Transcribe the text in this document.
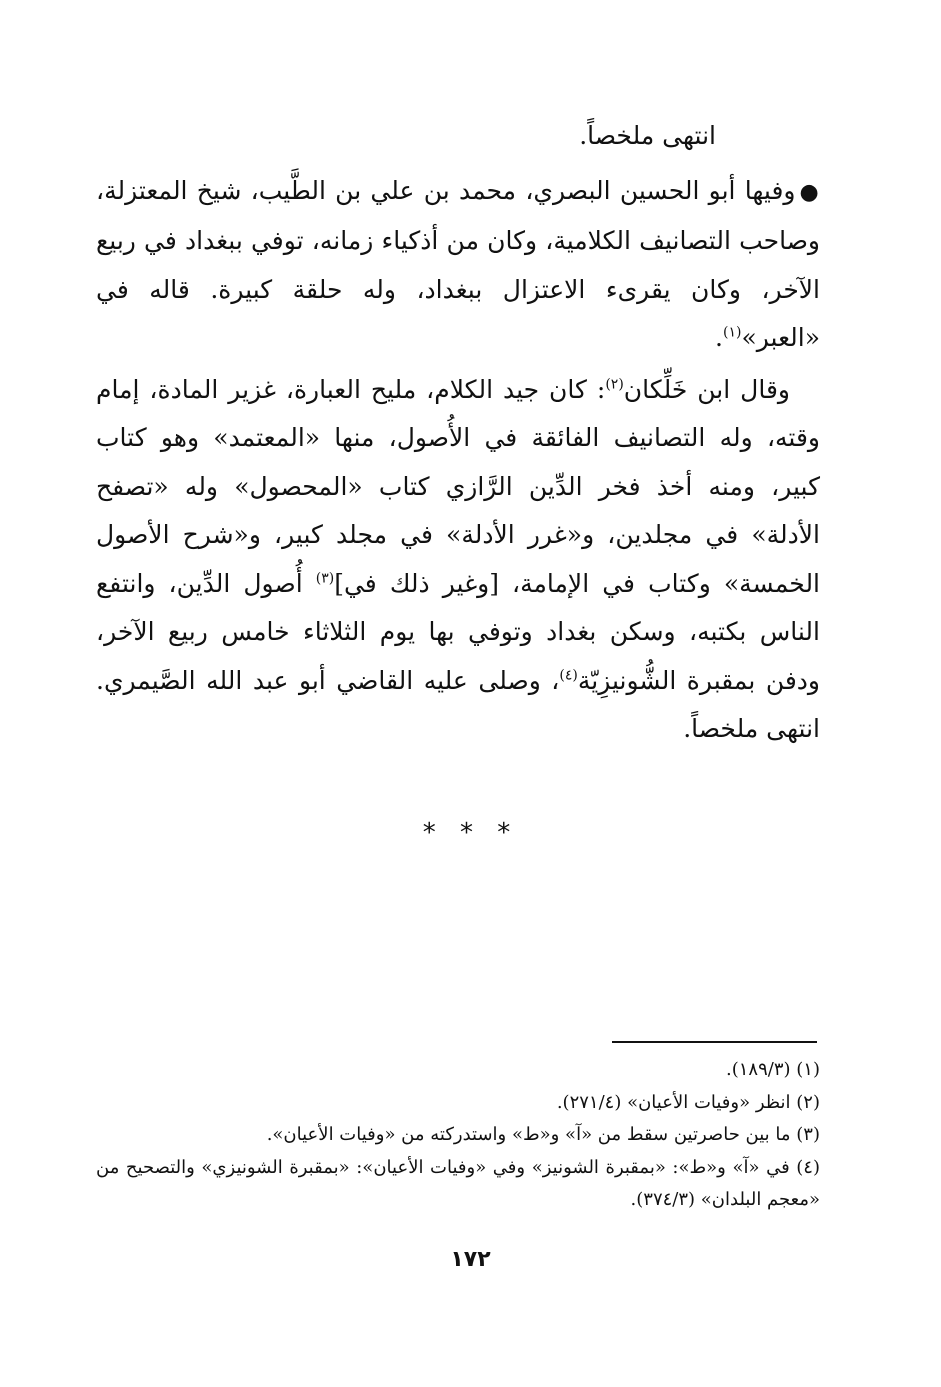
انتهى ملخصاً.

●وفيها أبو الحسين البصري، محمد بن علي بن الطَّيب، شيخ المعتزلة، وصاحب التصانيف الكلامية، وكان من أذكياء زمانه، توفي ببغداد في ربيع الآخر، وكان يقرىء الاعتزال ببغداد، وله حلقة كبيرة. قاله في «العبر»$^{(١)}$.

وقال ابن خَلِّكان$^{(٢)}$: كان جيد الكلام، مليح العبارة، غزير المادة، إمام وقته، وله التصانيف الفائقة في الأُصول، منها «المعتمد» وهو كتاب كبير، ومنه أخذ فخر الدِّين الرَّازي كتاب «المحصول» وله «تصفح الأدلة» في مجلدين، و«غرر الأدلة» في مجلد كبير، و«شرح الأصول الخمسة» وكتاب في الإمامة، [وغير ذلك في]$^{(٣)}$ أُصول الدِّين، وانتفع الناس بكتبه، وسكن بغداد وتوفي بها يوم الثلاثاء خامس ربيع الآخر، ودفن بمقبرة الشُّونيزِيّة$^{(٤)}$، وصلى عليه القاضي أبو عبد الله الصَّيمري. انتهى ملخصاً.

* * *

(١) (١٨٩/٣).

(٢) انظر «وفيات الأعيان» (٢٧١/٤).

(٣) ما بين حاصرتين سقط من «آ» و«ط» واستدركته من «وفيات الأعيان».

(٤) في «آ» و«ط»: «بمقبرة الشونيز» وفي «وفيات الأعيان»: «بمقبرة الشونيزي» والتصحيح من «معجم البلدان» (٣٧٤/٣).

١٧٢
